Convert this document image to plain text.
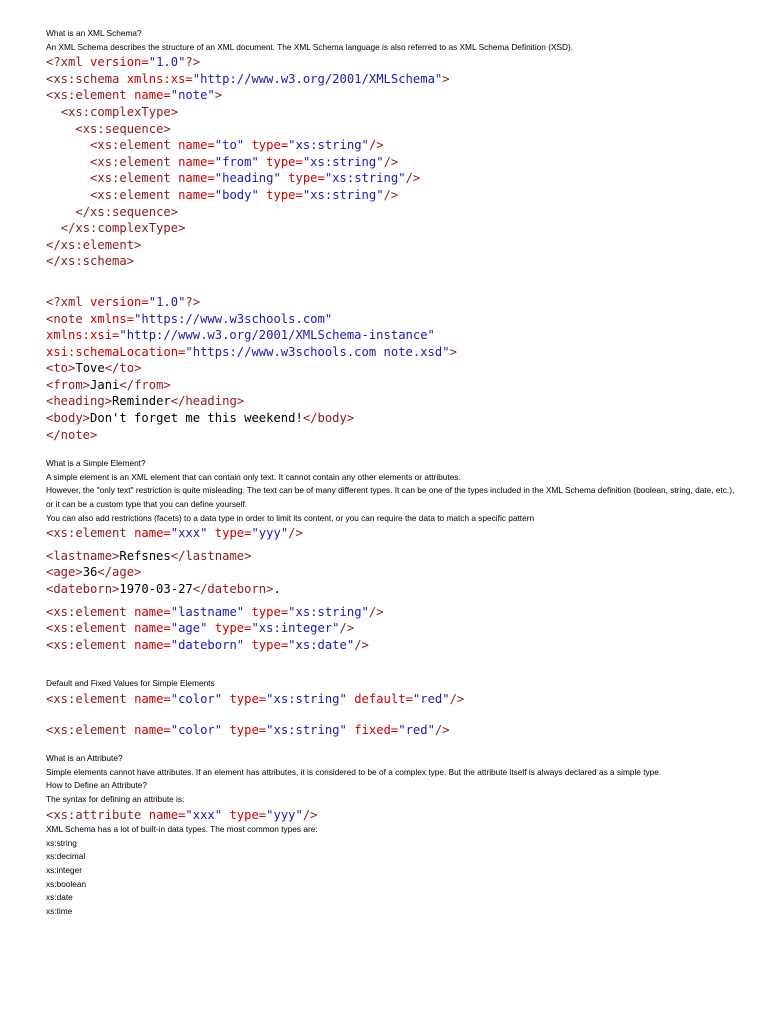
What is an XML Schema?
An XML Schema describes the structure of an XML document. The XML Schema language is also referred to as XML Schema Definition (XSD).
<?xml version="1.0"?>
<xs:schema xmlns:xs="http://www.w3.org/2001/XMLSchema">
<xs:element name="note">
<xs:complexType>
<xs:sequence>
<xs:element name="to" type="xs:string"/>
<xs:element name="from" type="xs:string"/>
<xs:element name="heading" type="xs:string"/>
<xs:element name="body" type="xs:string"/>
</xs:sequence>
</xs:complexType>
</xs:element>
</xs:schema>
<?xml version="1.0"?>
<note xmlns="https://www.w3schools.com"
xmlns:xsi="http://www.w3.org/2001/XMLSchema-instance"
xsi:schemaLocation="https://www.w3schools.com note.xsd">
<to>Tove</to>
<from>Jani</from>
<heading>Reminder</heading>
<body>Don't forget me this weekend!</body>
</note>
What is a Simple Element?
A simple element is an XML element that can contain only text. It cannot contain any other elements or attributes.
However, the "only text" restriction is quite misleading. The text can be of many different types. It can be one of the types included in the XML Schema definition (boolean, string, date, etc.), or it can be a custom type that you can define yourself.
You can also add restrictions (facets) to a data type in order to limit its content, or you can require the data to match a specific pattern
<xs:element name="xxx" type="yyy"/>
<lastname>Refsnes</lastname>
<age>36</age>
<dateborn>1970-03-27</dateborn>.
<xs:element name="lastname" type="xs:string"/>
<xs:element name="age" type="xs:integer"/>
<xs:element name="dateborn" type="xs:date"/>
Default and Fixed Values for Simple Elements
<xs:element name="color" type="xs:string" default="red"/>
<xs:element name="color" type="xs:string" fixed="red"/>
What is an Attribute?
Simple elements cannot have attributes. If an element has attributes, it is considered to be of a complex type. But the attribute itself is always declared as a simple type.
How to Define an Attribute?
The syntax for defining an attribute is:
<xs:attribute name="xxx" type="yyy"/>
XML Schema has a lot of built-in data types. The most common types are:
xs:string
xs:decimal
xs:integer
xs:boolean
xs:date
xs:time
